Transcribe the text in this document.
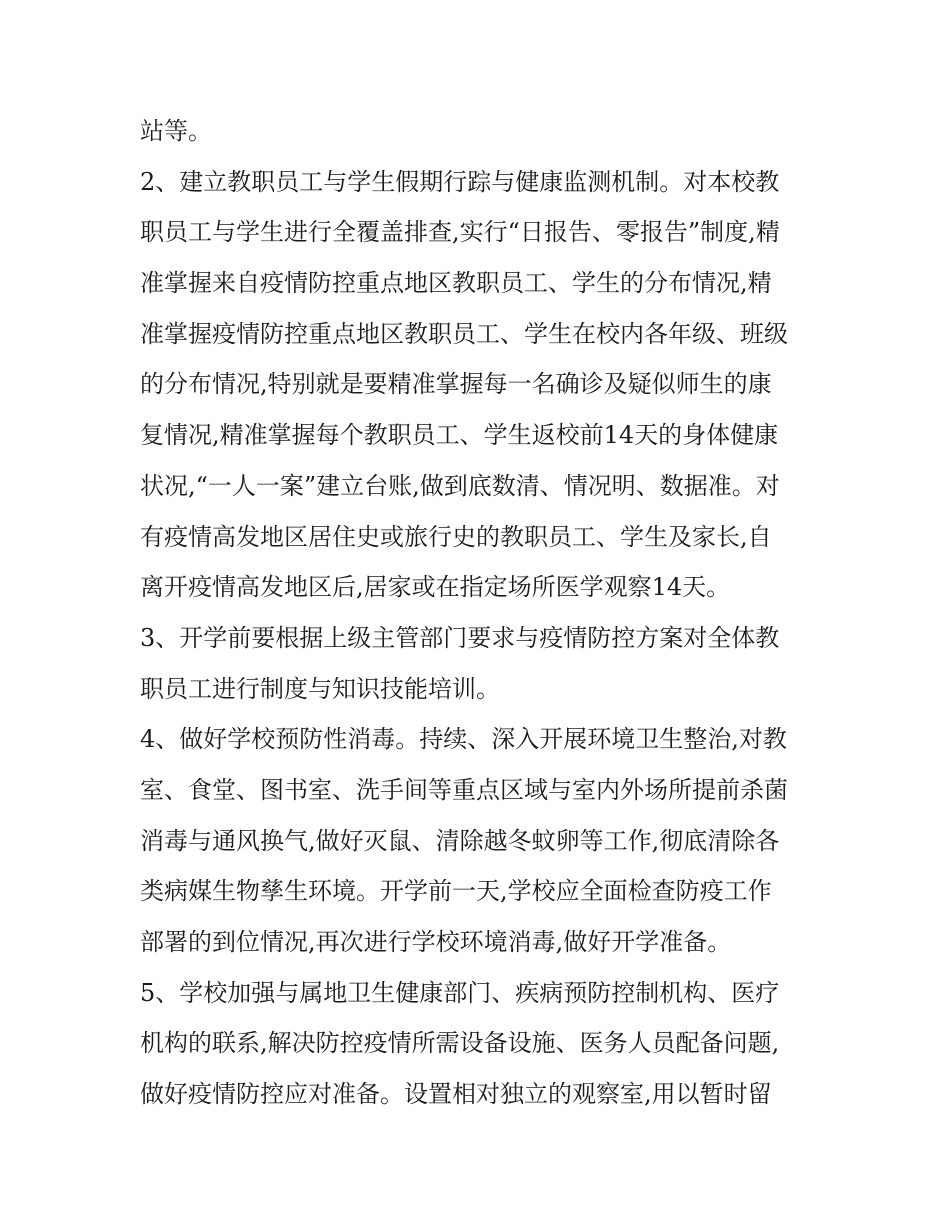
站等。
2、建立教职员工与学生假期行踪与健康监测机制。对本校教
职员工与学生进行全覆盖排查,实行“日报告、零报告”制度,精
准掌握来自疫情防控重点地区教职员工、学生的分布情况,精
准掌握疫情防控重点地区教职员工、学生在校内各年级、班级
的分布情况,特别就是要精准掌握每一名确诊及疑似师生的康
复情况,精准掌握每个教职员工、学生返校前14天的身体健康
状况,“一人一案”建立台账,做到底数清、情况明、数据准。对
有疫情高发地区居住史或旅行史的教职员工、学生及家长,自
离开疫情高发地区后,居家或在指定场所医学观察14天。
3、开学前要根据上级主管部门要求与疫情防控方案对全体教
职员工进行制度与知识技能培训。
4、做好学校预防性消毒。持续、深入开展环境卫生整治,对教
室、食堂、图书室、洗手间等重点区域与室内外场所提前杀菌
消毒与通风换气,做好灭鼠、清除越冬蚊卵等工作,彻底清除各
类病媒生物孳生环境。开学前一天,学校应全面检查防疫工作
部署的到位情况,再次进行学校环境消毒,做好开学准备。
5、学校加强与属地卫生健康部门、疾病预防控制机构、医疗
机构的联系,解决防控疫情所需设备设施、医务人员配备问题,
做好疫情防控应对准备。设置相对独立的观察室,用以暂时留
